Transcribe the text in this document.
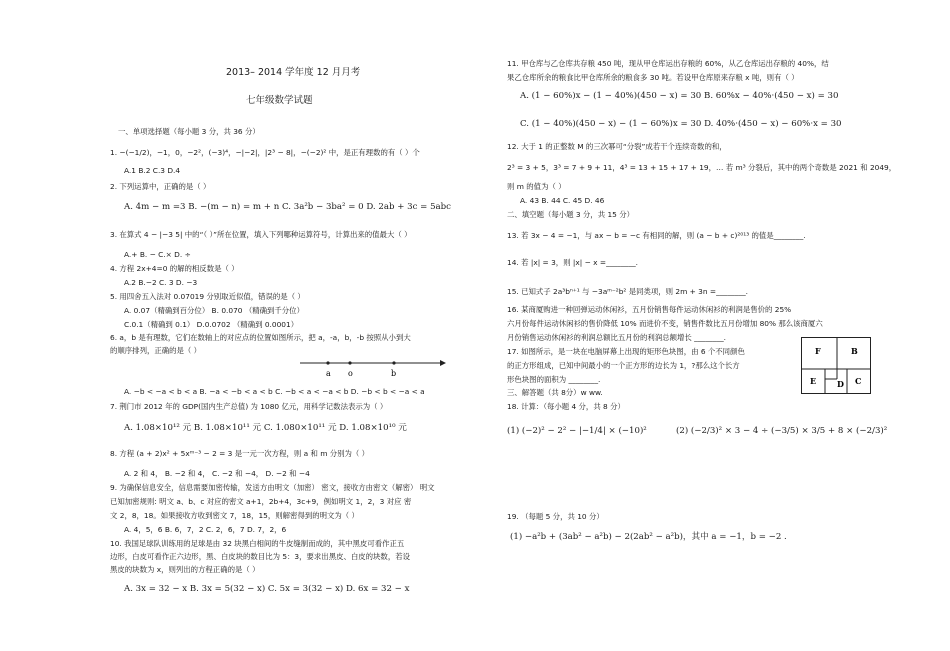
2013– 2014 学年度 12 月月考
七年级数学试题
一、单项选择题（每小题 3 分，共 36 分）
1. −(−1/2)，−1，0，−2²，(−3)⁴，−|−2|，|2³ − 8|，−(−2)² 中，是正有理数的有（ ）个
A.1 B.2 C.3 D.4
2. 下列运算中，正确的是（ ）
A. 4m − m =3 B. −(m − n) = m + n C. 3a²b − 3ba² = 0 D. 2ab + 3c = 5abc
3. 在算式 4 − |−3 5| 中的“（ ）”所在位置，填入下列哪种运算符号，计算出来的值最大（ ）
A.+ B. − C.× D. ÷
4. 方程 2x+4=0 的解的相反数是（ ）
A.2 B.−2 C. 3 D. −3
5. 用四舍五入法对 0.07019 分别取近似值，错误的是（ ）
A. 0.07（精确到百分位） B. 0.070 （精确到千分位）
C.0.1（精确到 0.1） D.0.0702 （精确到 0.0001）
6. a，b 是有理数，它们在数轴上的对应点的位置如图所示，把 a，-a，b，-b 按照从小到大
的顺序排列，正确的是（ ）
a o	b
A. −b < −a < b < a B. −a < −b < a < b C. −b < a < −a < b D. −b < b < −a < a
7. 荆门市 2012 年的 GDP(国内生产总值) 为 1080 亿元，用科学记数法表示为（ ）
A. 1.08×10¹² 元 B. 1.08×10¹¹ 元 C. 1.080×10¹¹ 元 D. 1.08×10¹⁰ 元
8. 方程 (a + 2)x² + 5xᵐ⁻³ − 2 = 3 是一元一次方程，则 a 和 m 分别为（ ）
A. 2 和 4， B. −2 和 4， C. −2 和 −4， D. −2 和 −4
9. 为确保信息安全，信息需要加密传输，发送方由明文（加密） 密文，接收方由密文（解密） 明文
已知加密规则: 明文 a、b、c 对应的密文 a+1，2b+4，3c+9，例如明文 1，2，3 对应 密
文 2，8，18。如果接收方收到密文 7，18，15，则解密得到的明文为（ ）
A. 4，5，6 B. 6，7，2 C. 2，6，7 D. 7，2，6
10. 我国足球队训练用的足球是由 32 块黑白相间的牛皮缝制而成的，其中黑皮可看作正五
边形，白皮可看作正六边形，黑、白皮块的数目比为 5：3，要求出黑皮、白皮的块数，若设
黑皮的块数为 x，则列出的方程正确的是（ ）
A. 3x = 32 − x B. 3x = 5(32 − x) C. 5x = 3(32 − x) D. 6x = 32 − x
11. 甲仓库与乙仓库共存粮 450 吨，现从甲仓库运出存粮的 60%，从乙仓库运出存粮的 40%，结
果乙仓库所余的粮食比甲仓库所余的粮食多 30 吨。若设甲仓库原来存粮 x 吨，则有（ ）
A. (1 − 60%)x − (1 − 40%)(450 − x) = 30 B. 60%x − 40%·(450 − x) = 30
C. (1 − 40%)(450 − x) − (1 − 60%)x = 30 D. 40%·(450 − x) − 60%·x = 30
12. 大于 1 的正整数 M 的三次幂可“分裂”成若干个连续奇数的和，
2³ = 3 + 5，3³ = 7 + 9 + 11，4³ = 13 + 15 + 17 + 19，… 若 m³ 分裂后，其中的两个奇数是 2021 和 2049，
则 m 的值为（ ）
A. 43 B. 44 C. 45 D. 46
二、填空题（每小题 3 分，共 15 分）
13. 若 3x − 4 = −1，与 ax − b = −c 有相同的解，则 (a − b + c)²⁰¹³ 的值是________.
14. 若 |x| = 3，则 |x| − x =________.
15. 已知式子 2a³bⁿ⁺¹ 与 −3aᵐ⁻²b² 是同类项，则 2m + 3n =________.
16. 某商厦购进一种回弹运动休闲衫，五月份销售每件运动休闲衫的利润是售价的 25%
六月份每件运动休闲衫的售价降低 10% 而进价不变，销售件数比五月份增加 80% 那么该商厦六
月份销售运动休闲衫的利润总额比五月份的利润总额增长 ________.
17. 如图所示，是一块在电脑屏幕上出现的矩形色块图，由 6 个不同颜色
的正方形组成，已知中间最小的一个正方形的边长为 1，?那么这个长方
形色块图的面积为 ________.
F	B
E	D C
三、解答题（共 8分）w ww.
18. 计算：（每小题 4 分，共 8 分）
(1) (−2)² − 2² − |−1/4| × (−10)²	(2) (−2/3)² × 3 − 4 ÷ (−3/5) × 3/5 + 8 × (−2/3)²
19. （每题 5 分，共 10 分）
(1) −a²b + (3ab² − a²b) − 2(2ab² − a²b)，其中 a = −1，b = −2 .
